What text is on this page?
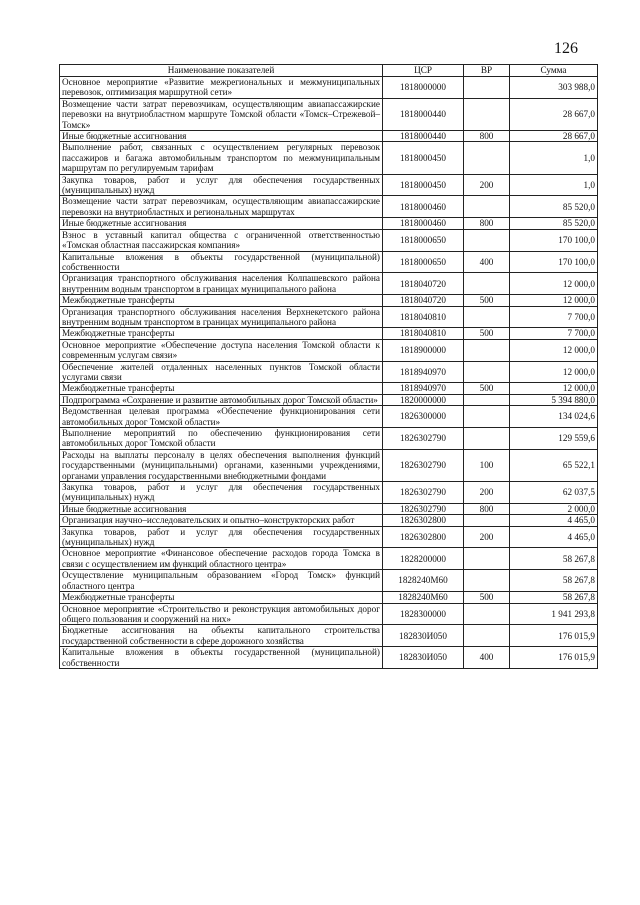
126
Наименование показателей	ЦСР	ВР	Сумма
Основное мероприятие «Развитие межрегиональных и межмуниципальных перевозок, оптимизация маршрутной сети»	1818000000		303 988,0
Возмещение части затрат перевозчикам, осуществляющим авиапассажирские перевозки на внутриобластном маршруте Томской области «Томск–Стрежевой–Томск»	1818000440		28 667,0
Иные бюджетные ассигнования	1818000440	800	28 667,0
Выполнение работ, связанных с осуществлением регулярных перевозок пассажиров и багажа автомобильным транспортом по межмуниципальным маршрутам по регулируемым тарифам	1818000450		1,0
Закупка товаров, работ и услуг для обеспечения государственных (муниципальных) нужд	1818000450	200	1,0
Возмещение части затрат перевозчикам, осуществляющим авиапассажирские перевозки на внутриобластных и региональных маршрутах	1818000460		85 520,0
Иные бюджетные ассигнования	1818000460	800	85 520,0
Взнос в уставный капитал общества с ограниченной ответственностью «Томская областная пассажирская компания»	1818000650		170 100,0
Капитальные вложения в объекты государственной (муниципальной) собственности	1818000650	400	170 100,0
Организация транспортного обслуживания населения Колпашевского района внутренним водным транспортом в границах муниципального района	1818040720		12 000,0
Межбюджетные трансферты	1818040720	500	12 000,0
Организация транспортного обслуживания населения Верхнекетского района внутренним водным транспортом в границах муниципального района	1818040810		7 700,0
Межбюджетные трансферты	1818040810	500	7 700,0
Основное мероприятие «Обеспечение доступа населения Томской области к современным услугам связи»	1818900000		12 000,0
Обеспечение жителей отдаленных населенных пунктов Томской области услугами связи	1818940970		12 000,0
Межбюджетные трансферты	1818940970	500	12 000,0
Подпрограмма «Сохранение и развитие автомобильных дорог Томской области»	1820000000		5 394 880,0
Ведомственная целевая программа «Обеспечение функционирования сети автомобильных дорог Томской области»	1826300000		134 024,6
Выполнение мероприятий по обеспечению функционирования сети автомобильных дорог Томской области	1826302790		129 559,6
Расходы на выплаты персоналу в целях обеспечения выполнения функций государственными (муниципальными) органами, казенными учреждениями, органами управления государственными внебюджетными фондами	1826302790	100	65 522,1
Закупка товаров, работ и услуг для обеспечения государственных (муниципальных) нужд	1826302790	200	62 037,5
Иные бюджетные ассигнования	1826302790	800	2 000,0
Организация научно–исследовательских и опытно–конструкторских работ	1826302800		4 465,0
Закупка товаров, работ и услуг для обеспечения государственных (муниципальных) нужд	1826302800	200	4 465,0
Основное мероприятие «Финансовое обеспечение расходов города Томска в связи с осуществлением им функций областного центра»	1828200000		58 267,8
Осуществление муниципальным образованием «Город Томск» функций областного центра	1828240M60		58 267,8
Межбюджетные трансферты	1828240M60	500	58 267,8
Основное мероприятие «Строительство и реконструкция автомобильных дорог общего пользования и сооружений на них»	1828300000		1 941 293,8
Бюджетные ассигнования на объекты капитального строительства государственной собственности в сфере дорожного хозяйства	182830И050		176 015,9
Капитальные вложения в объекты государственной (муниципальной) собственности	182830И050	400	176 015,9
